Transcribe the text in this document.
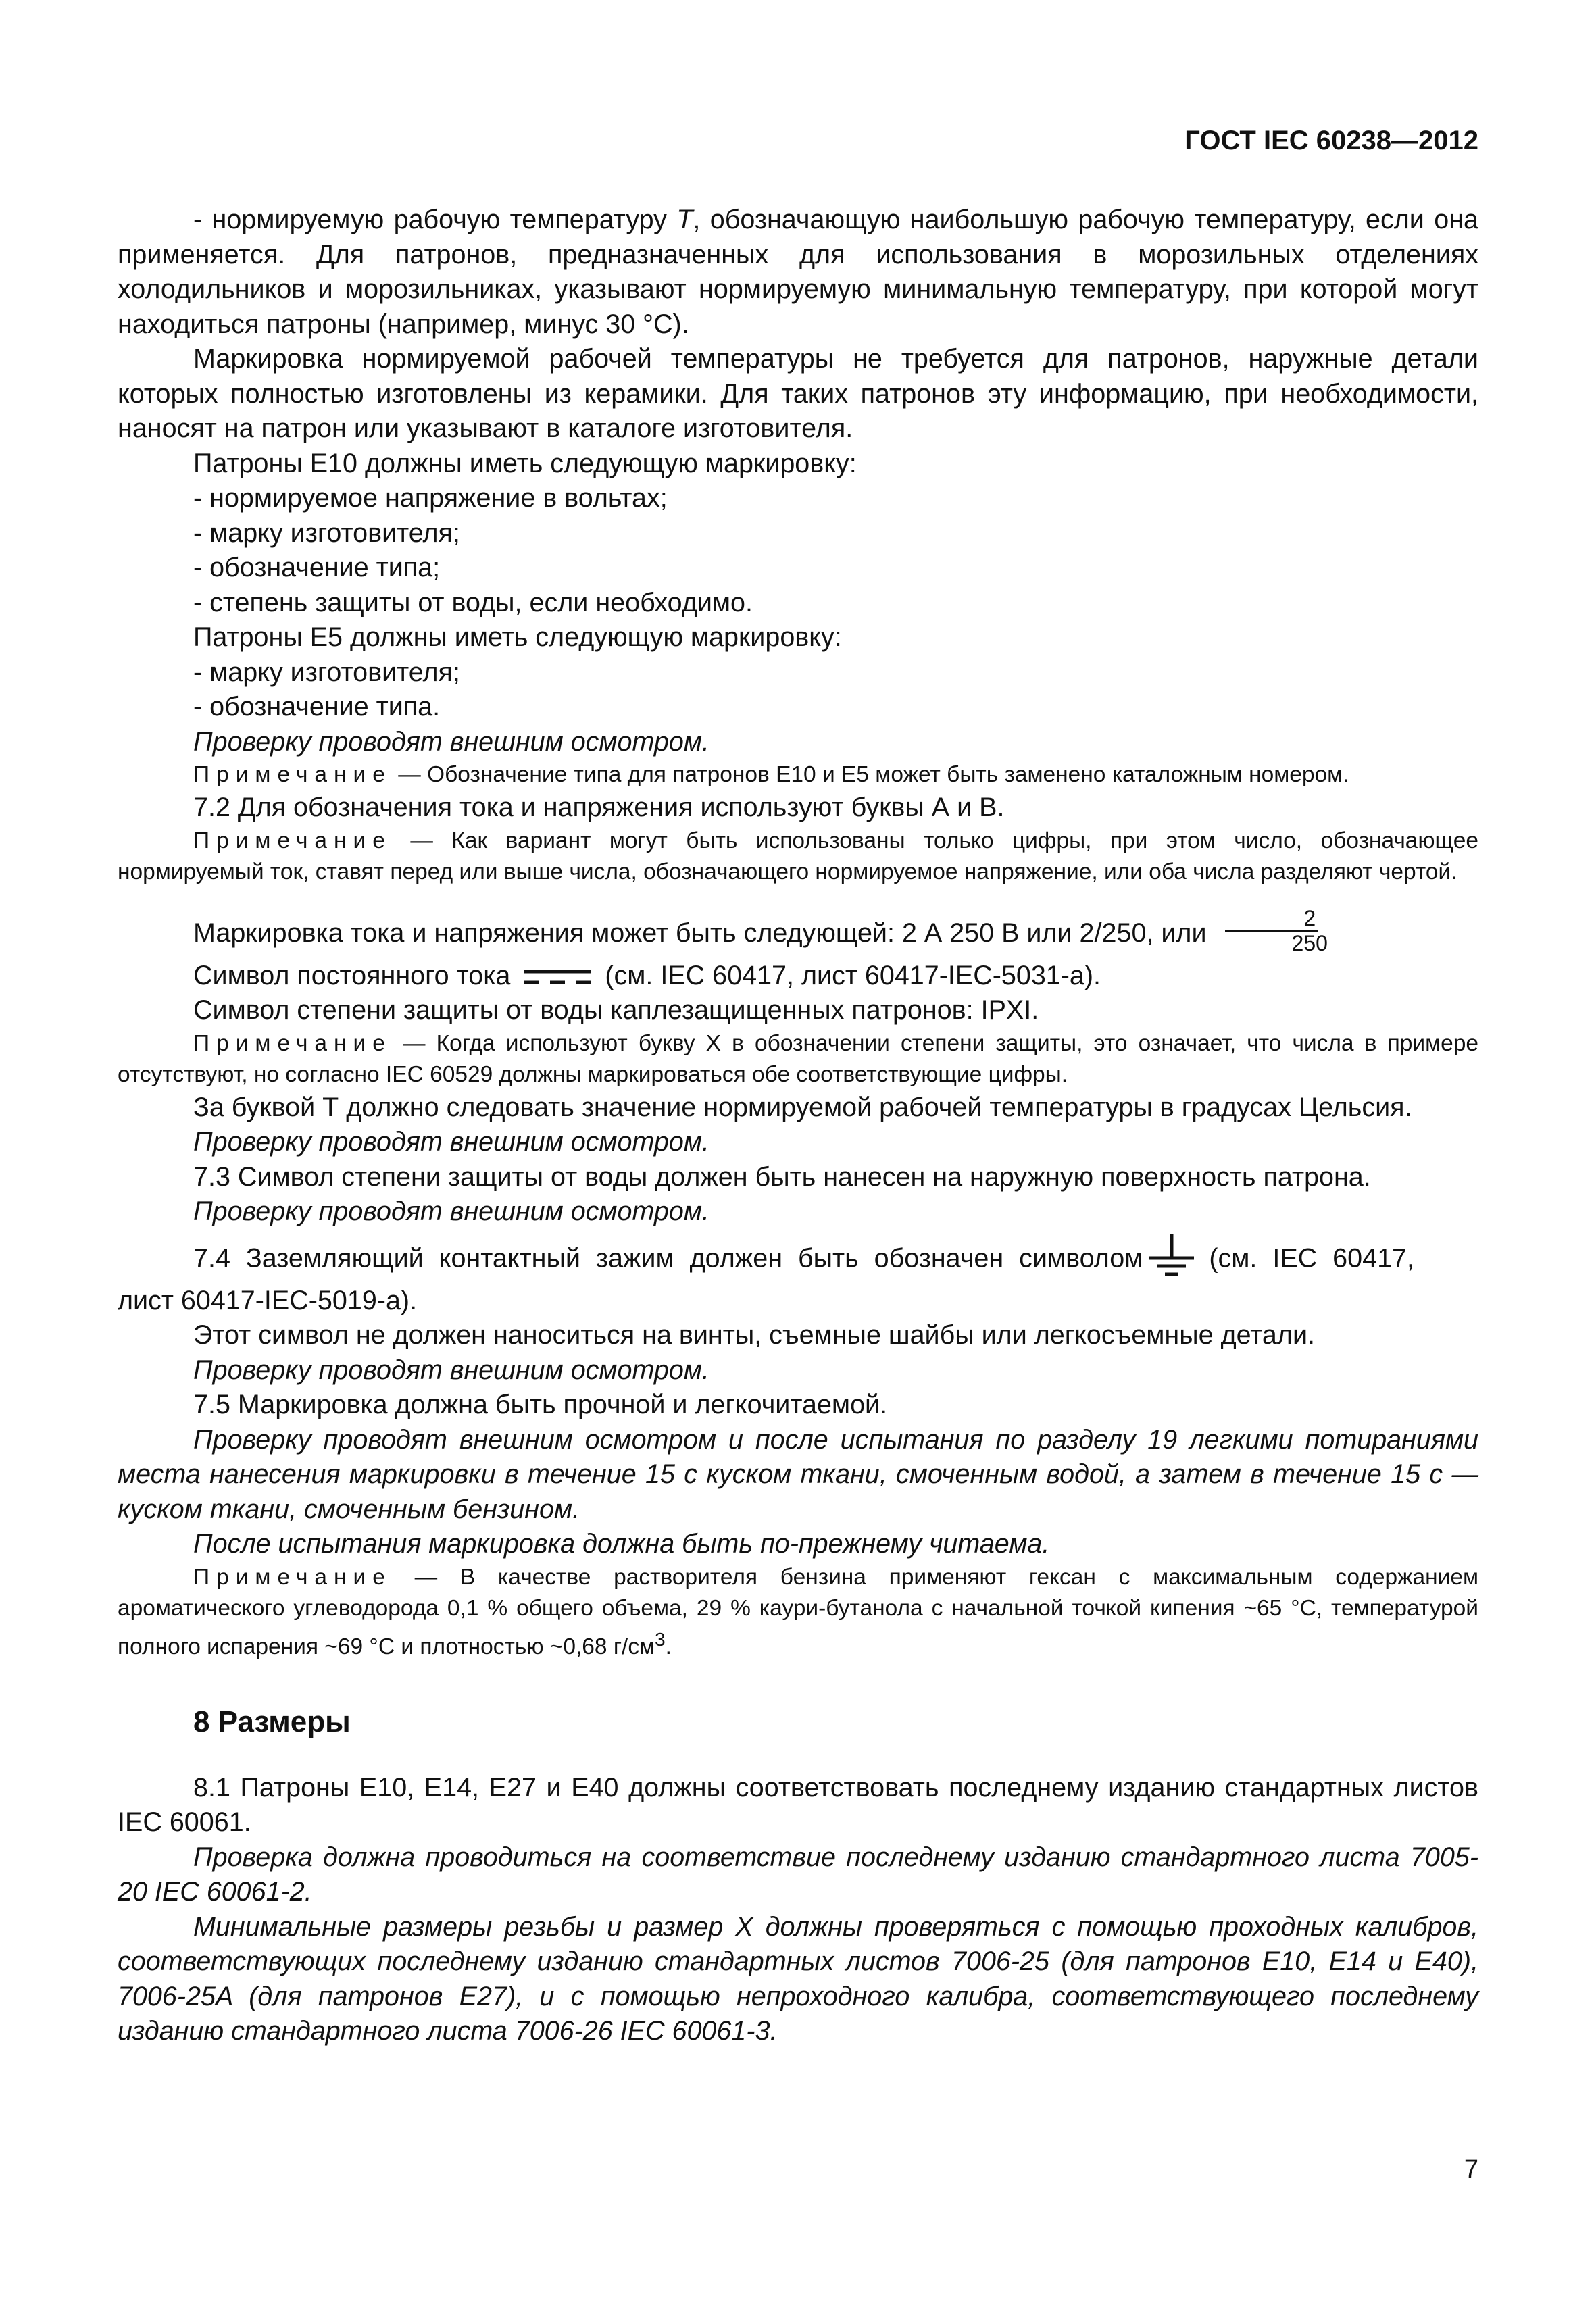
ГОСТ IEC 60238—2012

- нормируемую рабочую температуру T, обозначающую наибольшую рабочую температуру, если она применяется. Для патронов, предназначенных для использования в морозильных отделениях холодильников и морозильниках, указывают нормируемую минимальную температуру, при которой могут находиться патроны (например, минус 30 °С).

Маркировка нормируемой рабочей температуры не требуется для патронов, наружные детали которых полностью изготовлены из керамики. Для таких патронов эту информацию, при необходимости, наносят на патрон или указывают в каталоге изготовителя.

Патроны Е10 должны иметь следующую маркировку:

- нормируемое напряжение в вольтах;

- марку изготовителя;

- обозначение типа;

- степень защиты от воды, если необходимо.

Патроны Е5 должны иметь следующую маркировку:

- марку изготовителя;

- обозначение типа.

Проверку проводят внешним осмотром.

Примечание — Обозначение типа для патронов Е10 и Е5 может быть заменено каталожным номером.

7.2 Для обозначения тока и напряжения используют буквы А и В.

Примечание — Как вариант могут быть использованы только цифры, при этом число, обозначающее нормируемый ток, ставят перед или выше числа, обозначающего нормируемое напряжение, или оба числа разделяют чертой.

Маркировка тока и напряжения может быть следующей: 2 А 250 В или 2/250, или $\frac{2}{250}$

Символ постоянного тока	(см. IEC 60417, лист 60417-IEC-5031-a).

Символ степени защиты от воды каплезащищенных патронов: IPXI.

Примечание — Когда используют букву Х в обозначении степени защиты, это означает, что числа в примере отсутствуют, но согласно IEC 60529 должны маркироваться обе соответствующие цифры.

За буквой Т должно следовать значение нормируемой рабочей температуры в градусах Цельсия.

Проверку проводят внешним осмотром.

7.3 Символ степени защиты от воды должен быть нанесен на наружную поверхность патрона.

Проверку проводят внешним осмотром.

7.4 Заземляющий контактный зажим должен быть обозначен символом (см. IEC 60417,

лист 60417-IEC-5019-a).

Этот символ не должен наноситься на винты, съемные шайбы или легкосъемные детали.

Проверку проводят внешним осмотром.

7.5 Маркировка должна быть прочной и легкочитаемой.

Проверку проводят внешним осмотром и после испытания по разделу 19 легкими потираниями места нанесения маркировки в течение 15 с куском ткани, смоченным водой, а затем в течение 15 с — куском ткани, смоченным бензином.

После испытания маркировка должна быть по-прежнему читаема.

Примечание — В качестве растворителя бензина применяют гексан с максимальным содержанием ароматического углеводорода 0,1 % общего объема, 29 % каури-бутанола с начальной точкой кипения ~65 °С, температурой полного испарения ~69 °С и плотностью ~0,68 $г/см^3$.

8 Размеры

8.1 Патроны Е10, Е14, Е27 и Е40 должны соответствовать последнему изданию стандартных листов IEC 60061.

Проверка должна проводиться на соответствие последнему изданию стандартного листа 7005-20 IEC 60061-2.

Минимальные размеры резьбы и размер X должны проверяться с помощью проходных калибров, соответствующих последнему изданию стандартных листов 7006-25 (для патронов Е10, Е14 и Е40), 7006-25A (для патронов Е27), и с помощью непроходного калибра, соответствующего последнему изданию стандартного листа 7006-26 IEC 60061-3.

7
